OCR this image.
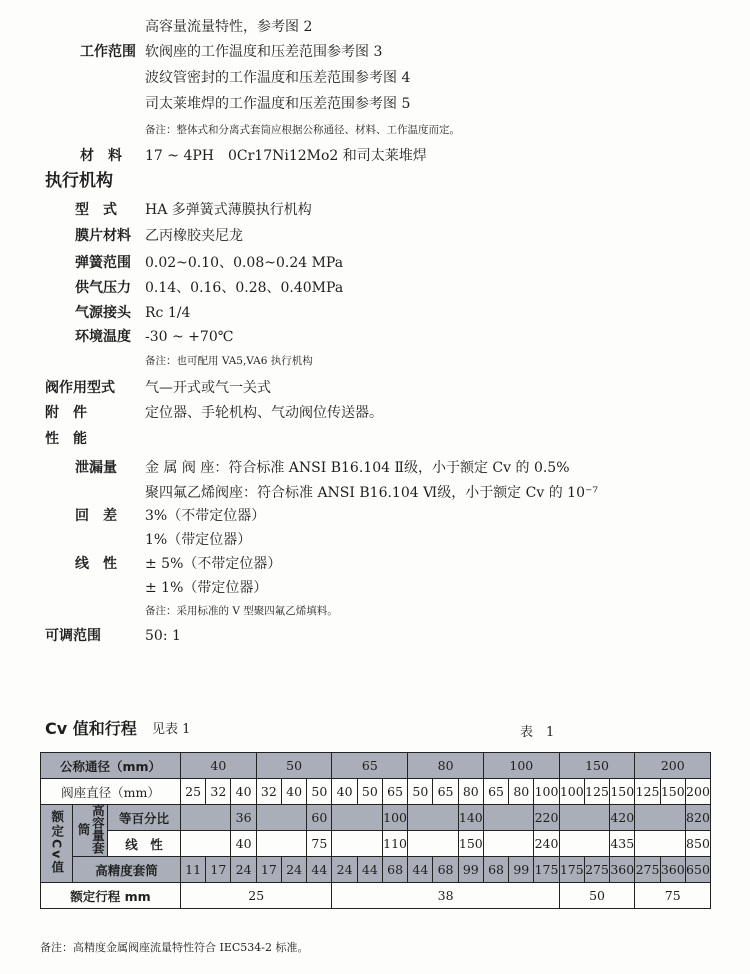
高容量流量特性，参考图 2
工作范围 软阀座的工作温度和压差范围参考图 3
波纹管密封的工作温度和压差范围参考图 4
司太莱堆焊的工作温度和压差范围参考图 5
备注：整体式和分离式套筒应根据公称通径、材料、工作温度而定。
材　料 17 ~ 4PH　0Cr17Ni12Mo2 和司太莱堆焊
执行机构
型　式 HA 多弹簧式薄膜执行机构
膜片材料 乙丙橡胶夹尼龙
弹簧范围 0.02~0.10、0.08~0.24 MPa
供气压力 0.14、0.16、0.28、0.40MPa
气源接头 Rc 1/4
环境温度 -30 ~ +70℃
备注：也可配用 VA5,VA6 执行机构
阀作用型式 气—开式或气一关式
附　件	定位器、手轮机构、气动阀位传送器。
性　能
泄漏量 金 属 阀 座：符合标准 ANSI B16.104 Ⅱ级，小于额定 Cv 的 0.5%
聚四氟乙烯阀座：符合标准 ANSI B16.104 Ⅵ级，小于额定 Cv 的 10⁻⁷
回　差 3%（不带定位器）
1%（带定位器）
线　性 ± 5%（不带定位器）
± 1%（带定位器）
备注：采用标准的 V 型聚四氟乙烯填料。
可调范围	50: 1
Cv 值和行程 见表 1	表　1
公称通径（mm）			40			50			65			80			100			150			200		
阀座直径（mm）			25	32	40	32	40	50	40	50	65	50	65	80	65	80	100	100	125	150	125	150	200
额定Cv值	高容量套筒	等百分比			36			60			100			140			220			420			820
		线　性			40			75			110			150			240			435			850
	高精度套筒		11	17	24	17	24	44	24	44	68	44	68	99	68	99	175	175	275	360	275	360	650
额定行程 mm			25						38									50			75		
备注：高精度金属阀座流量特性符合 IEC534-2 标准。
